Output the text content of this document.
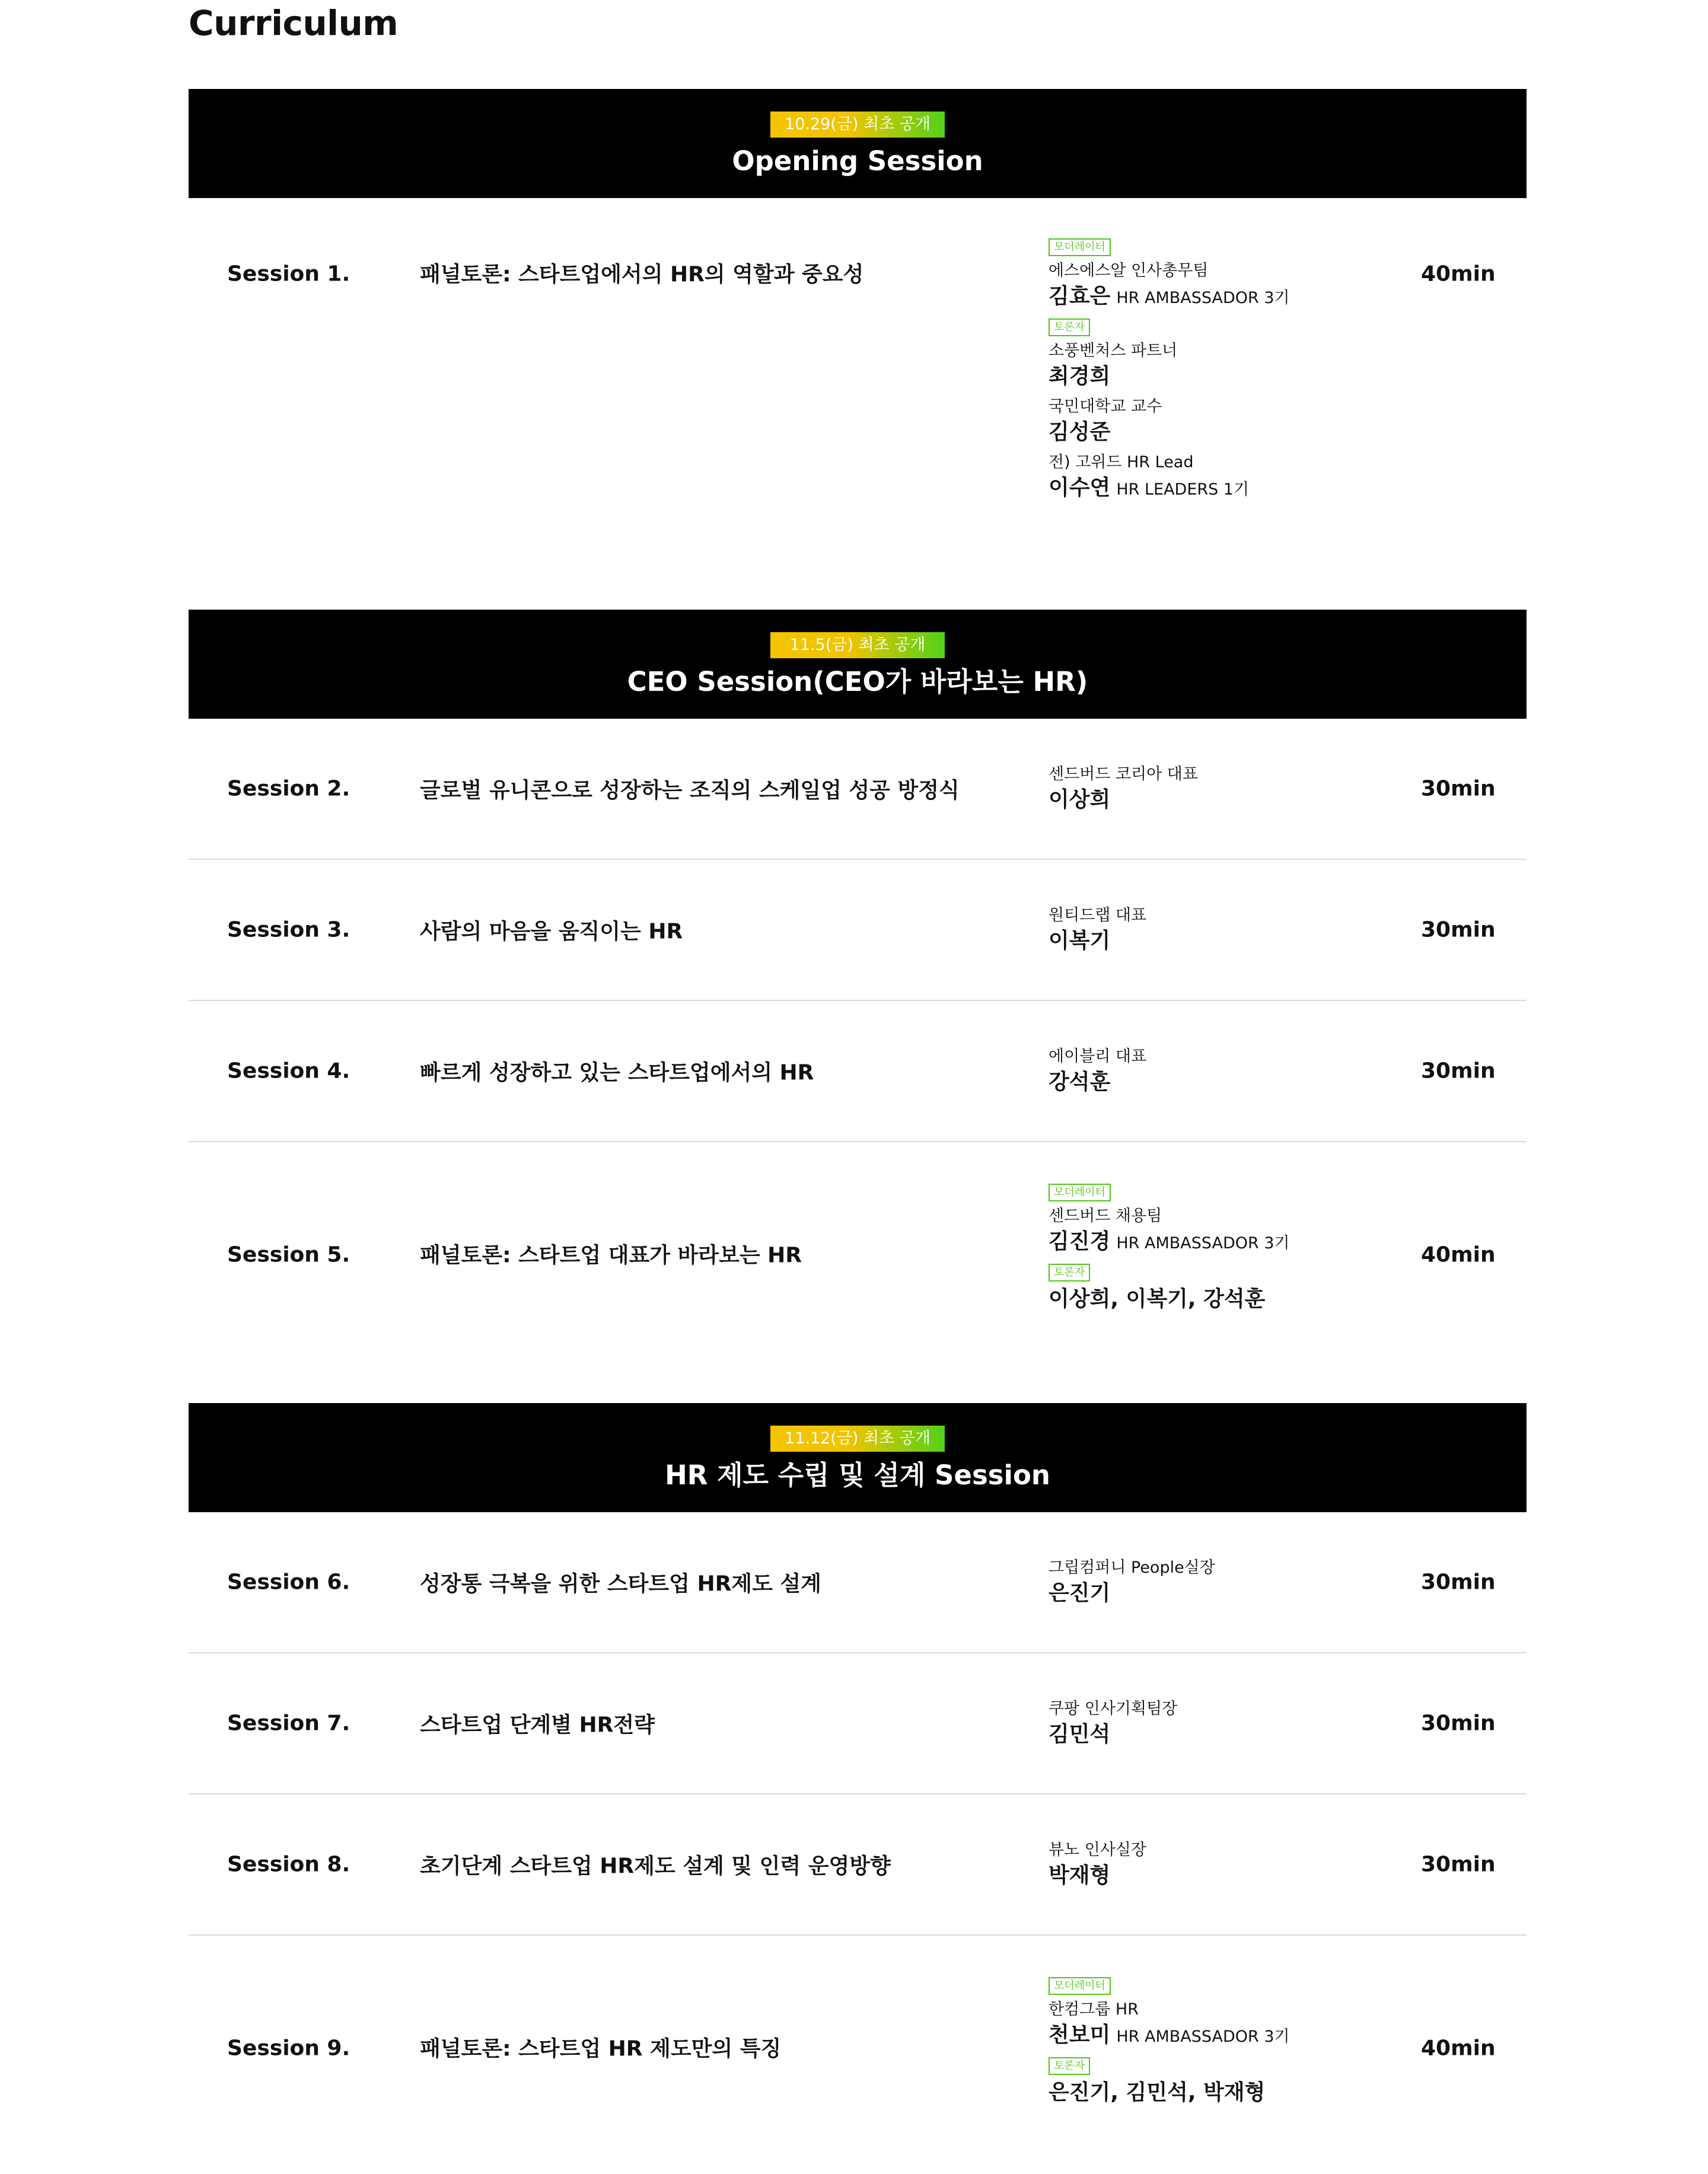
Curriculum
10.29(금) 최초 공개
Opening Session
Session 1.	패널토론: 스타트업에서의 HR의 역할과 중요성
모더레이터
에스에스알 인사총무팀
김효은 HR AMBASSADOR 3기
토론자
소풍벤처스 파트너
최경희
국민대학교 교수
김성준
전) 고위드 HR Lead
이수연 HR LEADERS 1기
40min
11.5(금) 최초 공개
CEO Session(CEO가 바라보는 HR)
Session 2.	글로벌 유니콘으로 성장하는 조직의 스케일업 성공 방정식
센드버드 코리아 대표
이상희	30min
Session 3.	사람의 마음을 움직이는 HR
원티드랩 대표
이복기	30min
Session 4.	빠르게 성장하고 있는 스타트업에서의 HR
에이블리 대표
강석훈	30min
Session 5.	패널토론: 스타트업 대표가 바라보는 HR
모더레이터
센드버드 채용팀
김진경 HR AMBASSADOR 3기
토론자
이상희, 이복기, 강석훈
40min
11.12(금) 최초 공개
HR 제도 수립 및 설계 Session
Session 6.	성장통 극복을 위한 스타트업 HR제도 설계
그립컴퍼니 People실장
은진기	30min
Session 7.	스타트업 단계별 HR전략
쿠팡 인사기획팀장
김민석	30min
Session 8.	초기단계 스타트업 HR제도 설계 및 인력 운영방향
뷰노 인사실장
박재형	30min
Session 9.	패널토론: 스타트업 HR 제도만의 특징
모더레이터
한컴그룹 HR
천보미 HR AMBASSADOR 3기
토론자
은진기, 김민석, 박재형
40min
